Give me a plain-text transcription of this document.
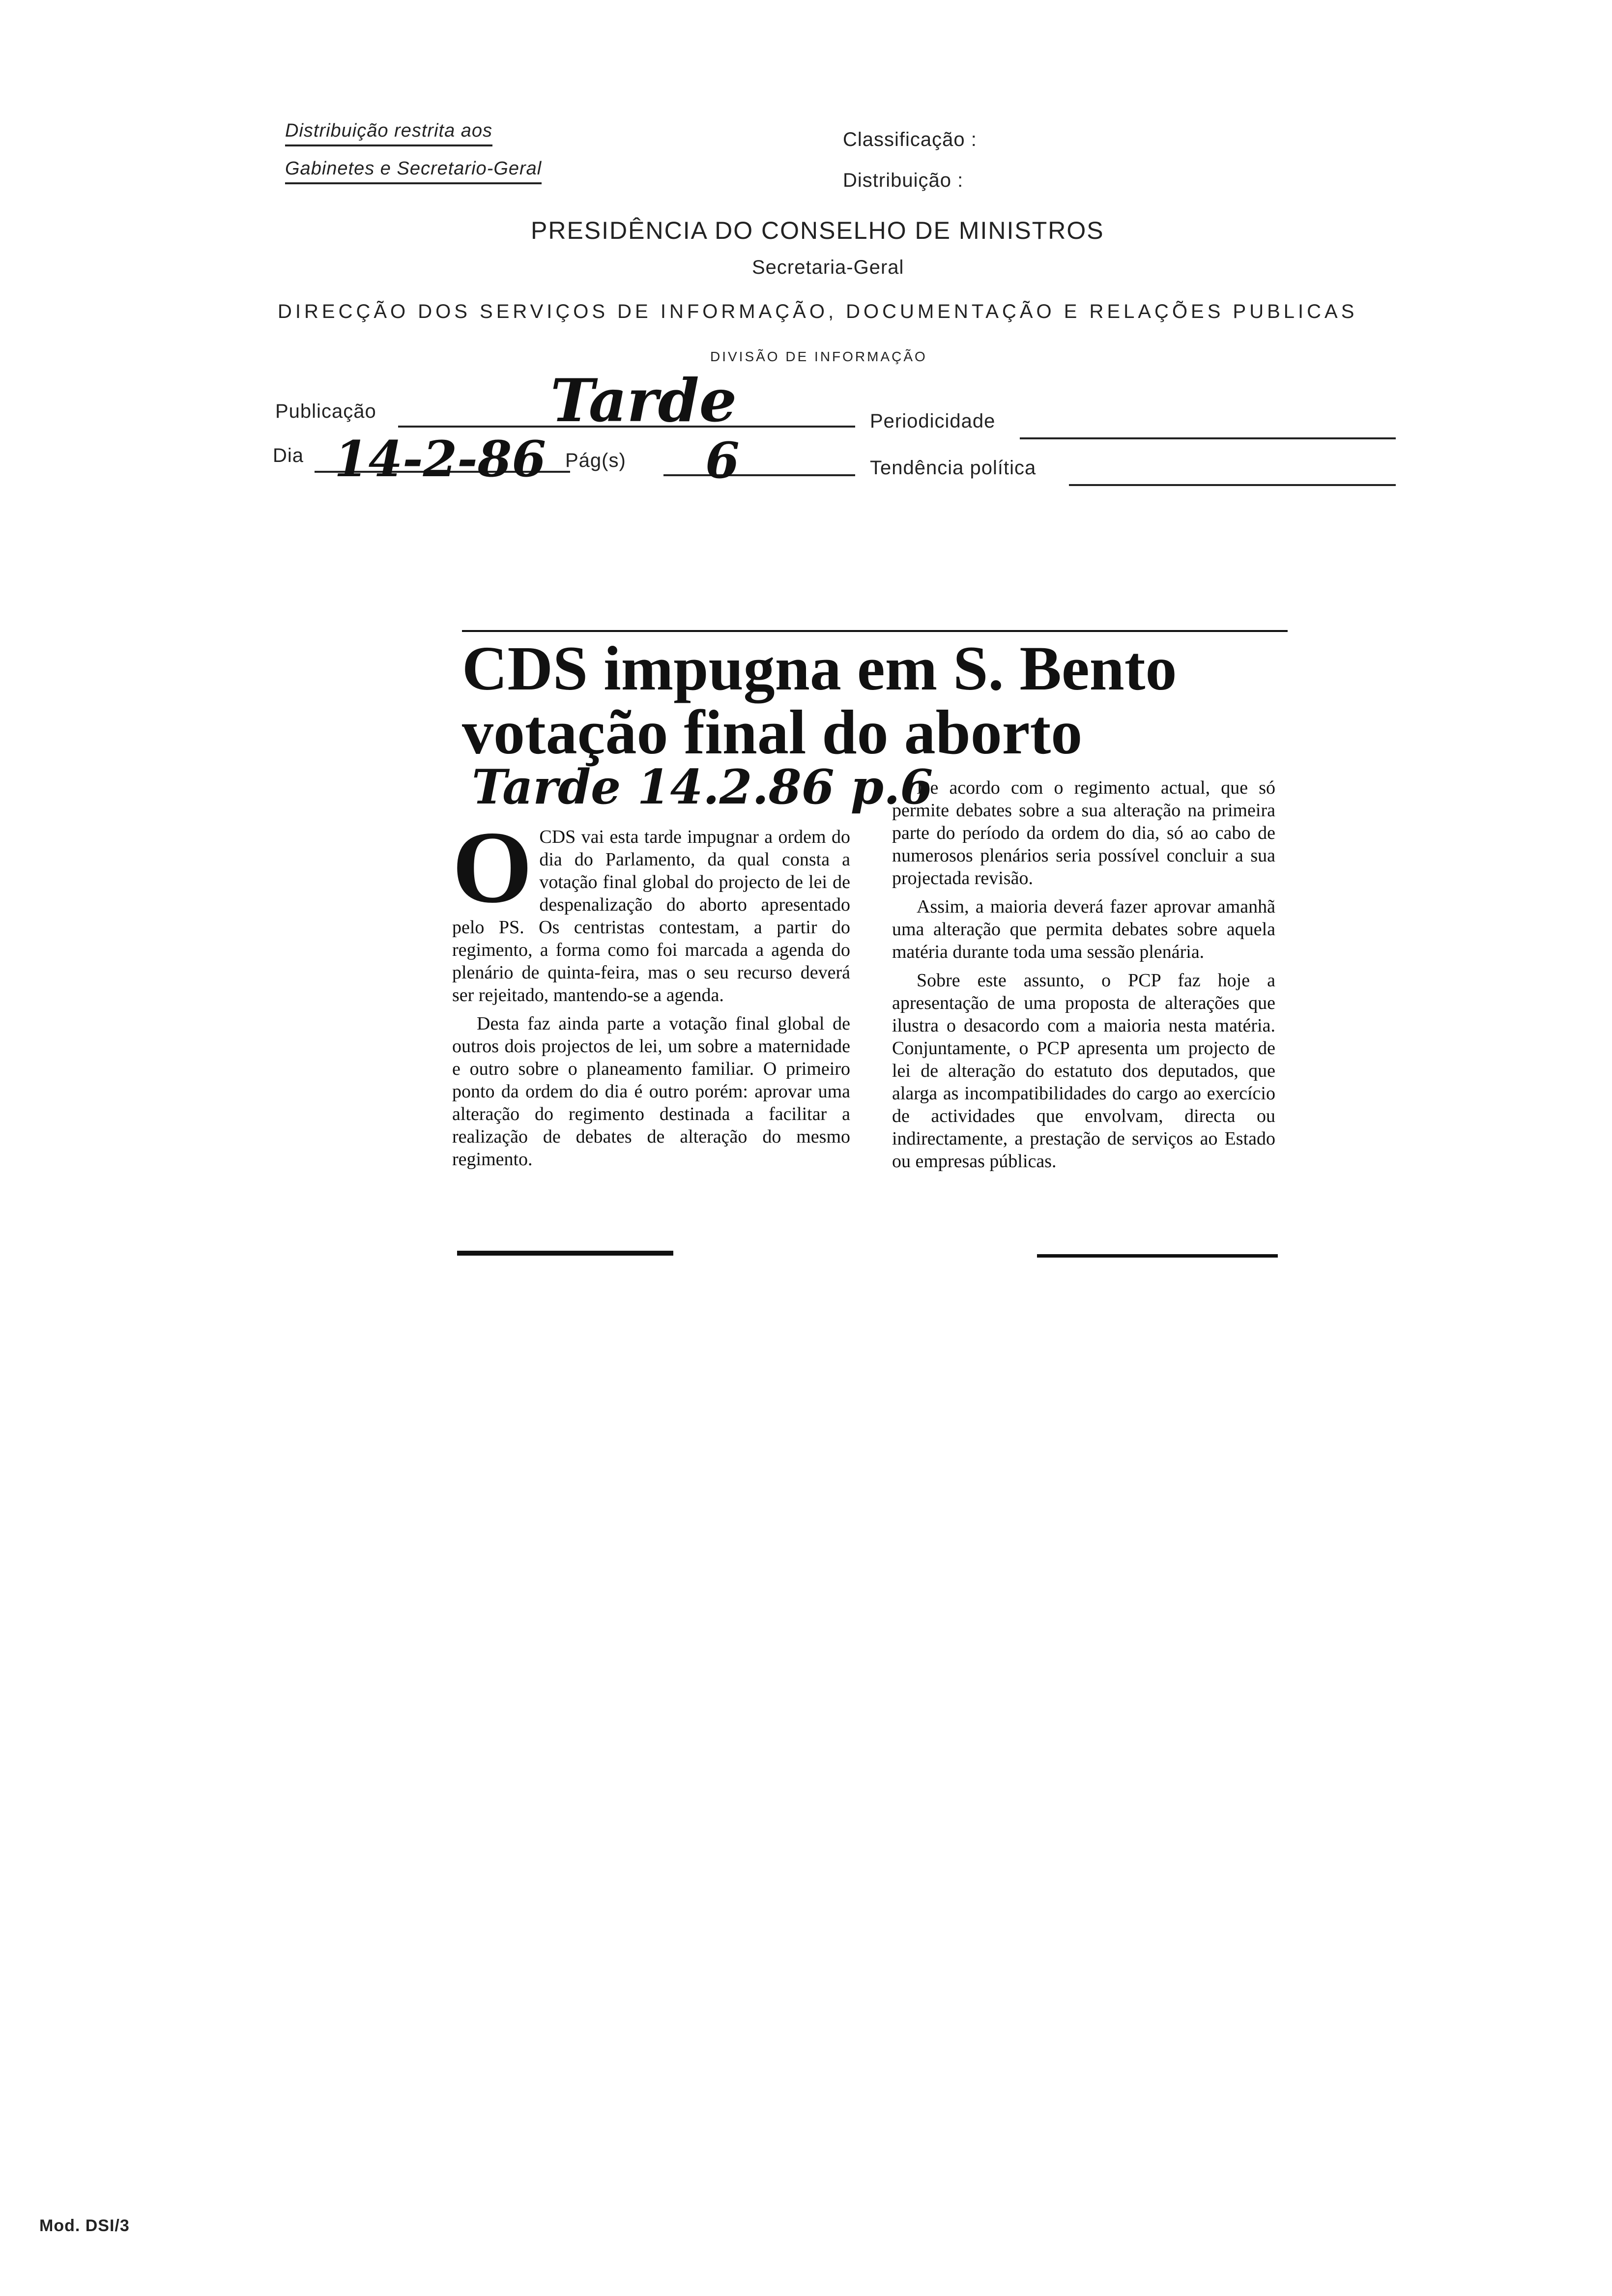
Distribuição restrita aos
Gabinetes e Secretario-Geral
Classificação :
Distribuição :
PRESIDÊNCIA DO CONSELHO DE MINISTROS
Secretaria-Geral
DIRECÇÃO DOS SERVIÇOS DE INFORMAÇÃO, DOCUMENTAÇÃO E RELAÇÕES PUBLICAS
DIVISÃO DE INFORMAÇÃO
Publicação	Tarde	Periodicidade
Dia 14-2-86 Pág(s) 6	Tendência política
CDS impugna em S. Bento
votação final do aborto
Tarde 14.2.86 p.6
O CDS vai esta tarde impugnar a ordem do dia do Parlamento, da qual consta a votação final global do projecto de lei de despenalização do aborto apresentado pelo PS. Os centristas contestam, a partir do regimento, a forma como foi marcada a agenda do plenário de quinta-feira, mas o seu recurso deverá ser rejeitado, mantendo-se a agenda.

Desta faz ainda parte a votação final global de outros dois projectos de lei, um sobre a maternidade e outro sobre o planeamento familiar. O primeiro ponto da ordem do dia é outro porém: aprovar uma alteração do regimento destinada a facilitar a realização de debates de alteração do mesmo regimento.

De acordo com o regimento actual, que só permite debates sobre a sua alteração na primeira parte do período da ordem do dia, só ao cabo de numerosos plenários seria possível concluir a sua projectada revisão.

Assim, a maioria deverá fazer aprovar amanhã uma alteração que permita debates sobre aquela matéria durante toda uma sessão plenária.

Sobre este assunto, o PCP faz hoje a apresentação de uma proposta de alterações que ilustra o desacordo com a maioria nesta matéria. Conjuntamente, o PCP apresenta um projecto de lei de alteração do estatuto dos deputados, que alarga as incompatibilidades do cargo ao exercício de actividades que envolvam, directa ou indirectamente, a prestação de serviços ao Estado ou empresas públicas.

Mod. DSI/3
